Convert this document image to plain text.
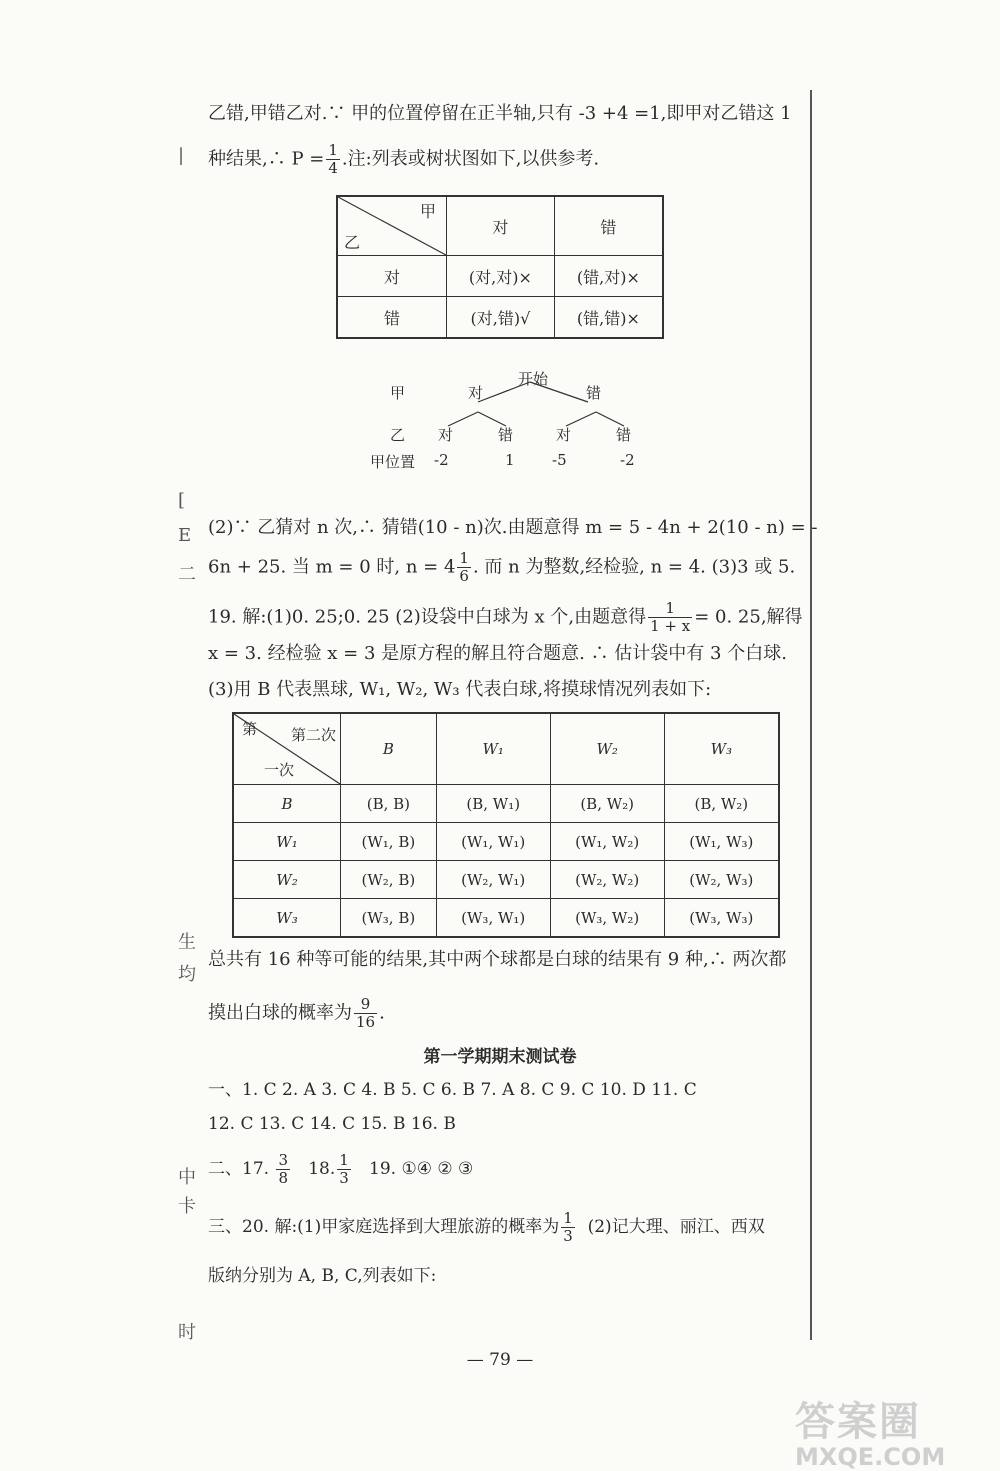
|
[
E
二
生
均
中
卡
时
乙错,甲错乙对.∵ 甲的位置停留在正半轴,只有 -3 +4 =1,即甲对乙错这 1
种结果,∴ $P = \frac{1}{4}$ .注:列表或树状图如下,以供参考.
甲
乙	对	错
对	(对,对)×	(错,对)×
错	(对,错)√	(错,错)×
开始
甲	对	错
乙 对	错	对	错
甲位置 -2	1 -5	-2
(2)∵ 乙猜对 n 次,∴ 猜错(10 - n)次.由题意得 m = 5 - 4n + 2(10 - n) = -
6n + 25. 当 m = 0 时, $n = 4 \frac{1}{6}$ . 而 n 为整数,经检验, n = 4. (3)3 或 5.
19. 解:(1)0. 25;0. 25 (2)设袋中白球为 x 个,由题意得 $\frac{1}{1 + x} = 0$. 25,解得
x = 3. 经检验 x = 3 是原方程的解且符合题意. ∴ 估计袋中有 3 个白球.
(3)用 B 代表黑球, W₁, W₂, W₃ 代表白球,将摸球情况列表如下:
第 第二次
一次	B	W₁	W₂	W₃
B	(B, B)	(B, W₁)	(B, W₂)	(B, W₂)
W₁	(W₁, B)	(W₁, W₁)	(W₁, W₂)	(W₁, W₃)
W₂	(W₂, B)	(W₂, W₁)	(W₂, W₂)	(W₂, W₃)
W₃	(W₃, B)	(W₃, W₁)	(W₃, W₂)	(W₃, W₃)
总共有 16 种等可能的结果,其中两个球都是白球的结果有 9 种,∴ 两次都
摸出白球的概率为 $\frac{9}{16}$ .
第一学期期末测试卷
一、1. C 2. A 3. C 4. B 5. C 6. B 7. A 8. C 9. C 10. D 11. C
12. C 13. C 14. C 15. B 16. B
二、17. $\frac{3}{8} 18$. $\frac{1}{3} 19$. ①④ ② ③
三、20. 解:(1)甲家庭选择到大理旅游的概率为 $\frac{1}{3} (2)$记大理、丽江、西双
版纳分别为 A, B, C,列表如下:
— 79 —
答案圈
MXQE.COM
